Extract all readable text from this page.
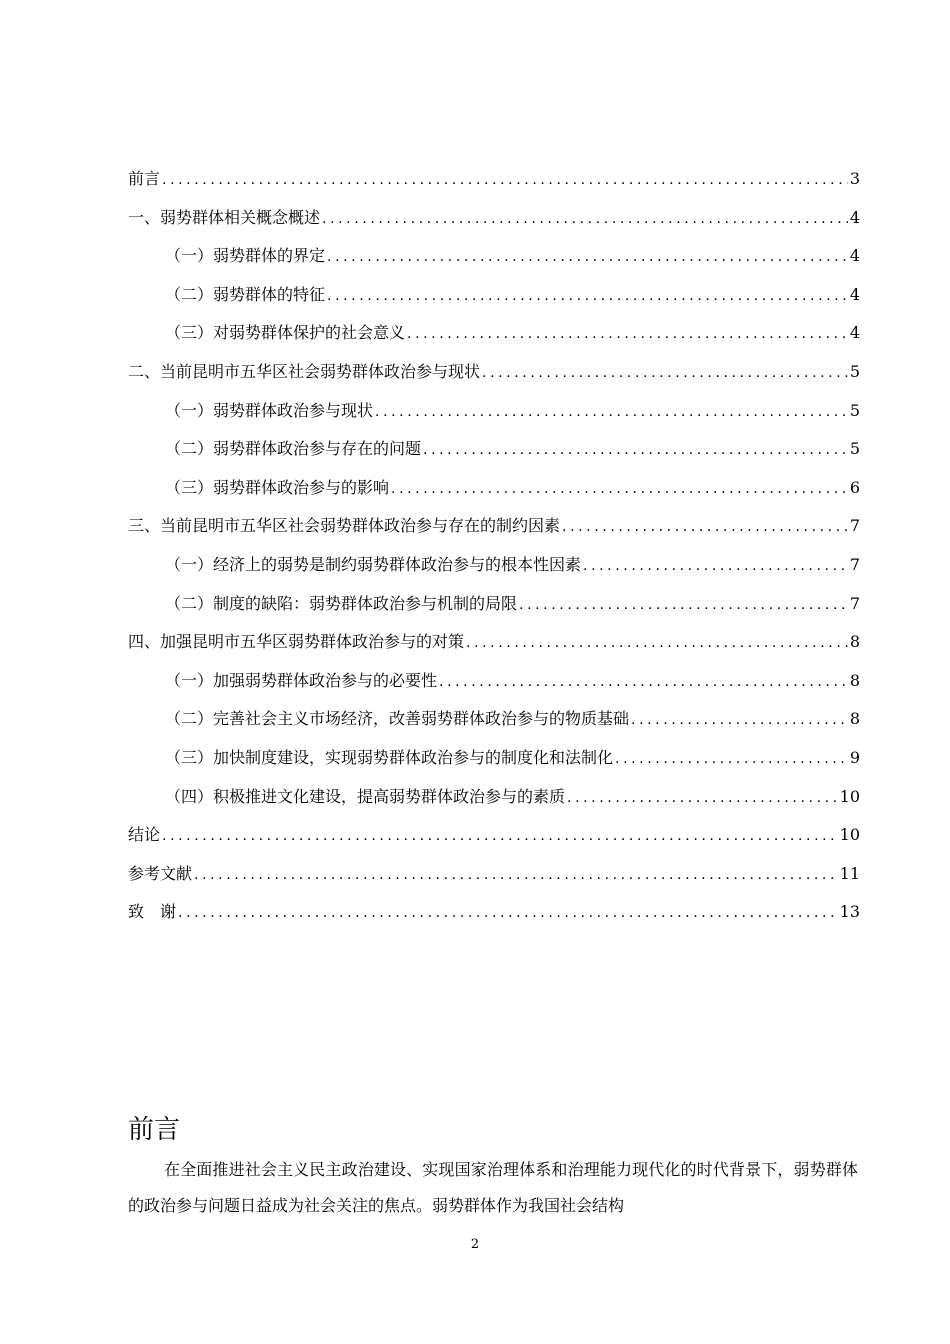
前言 .....	3
一、弱势群体相关概念概述 .....	4
（一）弱势群体的界定 .....	4
（二）弱势群体的特征 .....	4
（三）对弱势群体保护的社会意义 .....	4
二、当前昆明市五华区社会弱势群体政治参与现状 .....	5
（一）弱势群体政治参与现状 .....	5
（二）弱势群体政治参与存在的问题 .....	5
（三）弱势群体政治参与的影响 .....	6
三、当前昆明市五华区社会弱势群体政治参与存在的制约因素 .....	7
（一）经济上的弱势是制约弱势群体政治参与的根本性因素 .....	7
（二）制度的缺陷：弱势群体政治参与机制的局限 .....	7
四、加强昆明市五华区弱势群体政治参与的对策 .....	8
（一）加强弱势群体政治参与的必要性 .....	8
（二）完善社会主义市场经济，改善弱势群体政治参与的物质基础 .....	8
（三）加快制度建设，实现弱势群体政治参与的制度化和法制化 .....	9
（四）积极推进文化建设，提高弱势群体政治参与的素质 .....	10
结论 .....	10
参考文献 .....	11
致　谢 .....	13
前言

在全面推进社会主义民主政治建设、实现国家治理体系和治理能力现代化的时代背景下，弱势群体的政治参与问题日益成为社会关注的焦点。弱势群体作为我国社会结构

2
